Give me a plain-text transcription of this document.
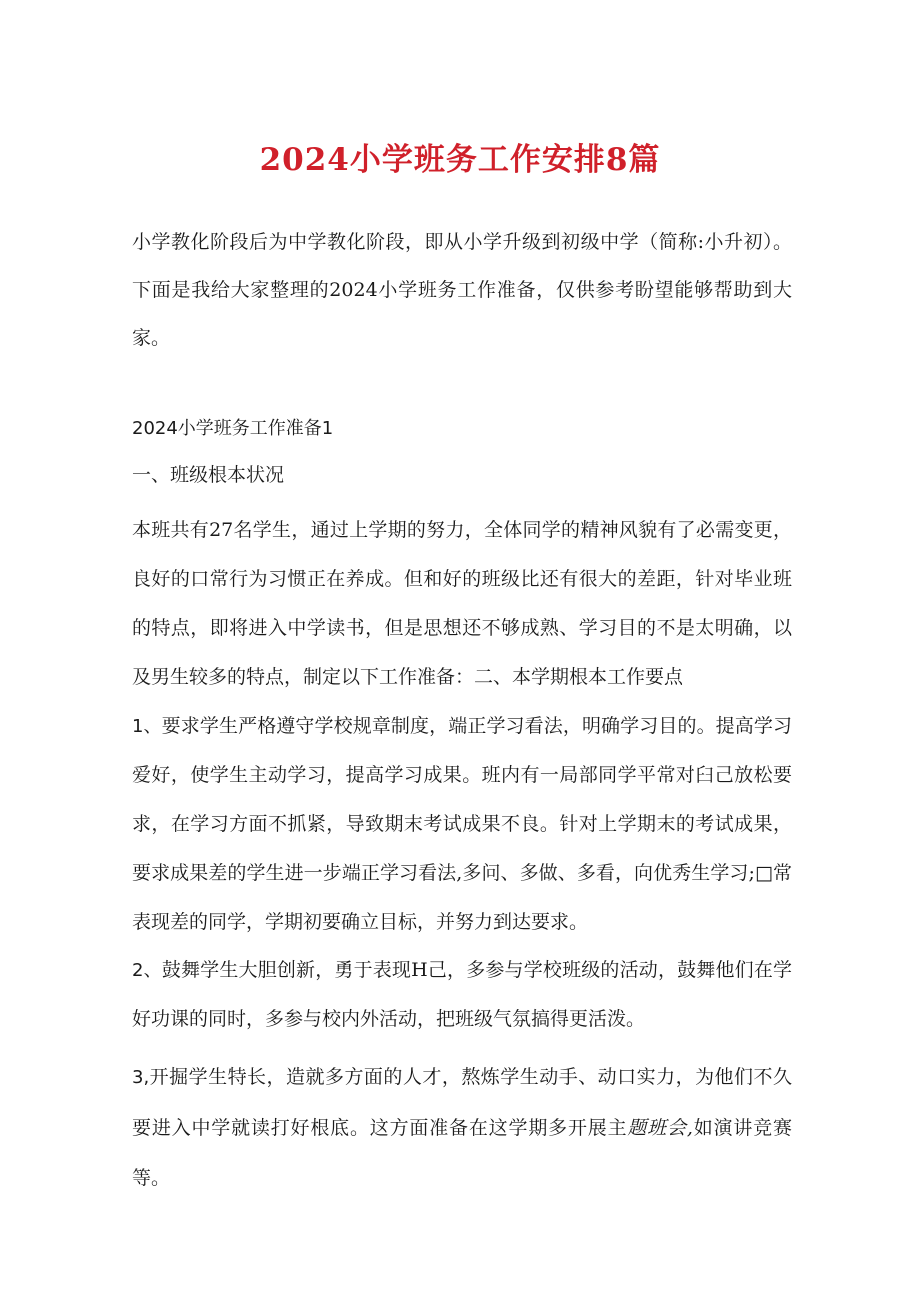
2024小学班务工作安排8篇

小学教化阶段后为中学教化阶段，即从小学升级到初级中学（简称:小升初）。下面是我给大家整理的2024小学班务工作准备，仅供参考盼望能够帮助到大家。

2024小学班务工作准备1

一、班级根本状况

本班共有27名学生，通过上学期的努力，全体同学的精神风貌有了必需变更，良好的口常行为习惯正在养成。但和好的班级比还有很大的差距，针对毕业班的特点，即将进入中学读书，但是思想还不够成熟、学习目的不是太明确，以及男生较多的特点，制定以下工作准备：二、本学期根本工作要点

1、要求学生严格遵守学校规章制度，端正学习看法，明确学习目的。提高学习爱好，使学生主动学习，提高学习成果。班内有一局部同学平常对臼己放松要求，在学习方面不抓紧，导致期末考试成果不良。针对上学期末的考试成果，要求成果差的学生进一步端正学习看法,多问、多做、多看，向优秀生学习;□常表现差的同学，学期初要确立目标，并努力到达要求。

2、鼓舞学生大胆创新，勇于表现H己，多参与学校班级的活动，鼓舞他们在学好功课的同时，多参与校内外活动，把班级气氛搞得更活泼。

3,开掘学生特长，造就多方面的人才，熬炼学生动手、动口实力，为他们不久要进入中学就读打好根底。这方面准备在这学期多开展主题班会,如演讲竞赛等。
